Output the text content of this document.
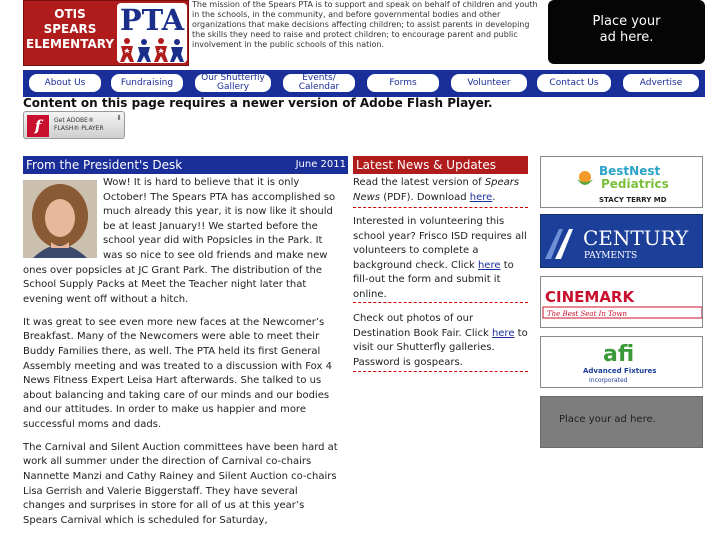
OTIS
SPEARS
ELEMENTARY
PTA The mission of the Spears PTA is to support and speak on behalf of children and youth in the schools, in the community, and before governmental bodies and other organizations that make decisions affecting children; to assist parents in developing the skills they need to raise and protect children; to encourage parent and public involvement in the public schools of this nation.
Place your
ad here.
About Us	Fundraising	Our Shutterfly Gallery
Events/ Calendar	Forms	Volunteer	Contact Us	Advertise
Content on this page requires a newer version of Adobe Flash Player.
f	Get ADOBE®
FLASH® PLAYER
⬇
From the President's Desk	June 2011

Wow! It is hard to believe that it is only October! The Spears PTA has accomplished so much already this year, it is now like it should be at least January!! We started before the school year did with Popsicles in the Park. It was so nice to see old friends and make new ones over popsicles at JC Grant Park. The distribution of the School Supply Packs at Meet the Teacher night later that evening went off without a hitch.

It was great to see even more new faces at the Newcomer’s Breakfast. Many of the Newcomers were able to meet their Buddy Families there, as well. The PTA held its first General Assembly meeting and was treated to a discussion with Fox 4 News Fitness Expert Leisa Hart afterwards. She talked to us about balancing and taking care of our minds and our bodies and our attitudes. In order to make us happier and more successful moms and dads.

The Carnival and Silent Auction committees have been hard at work all summer under the direction of Carnival co-chairs Nannette Manzi and Cathy Rainey and Silent Auction co-chairs Lisa Gerrish and Valerie Biggerstaff. They have several changes and surprises in store for all of us at this year’s Spears Carnival which is scheduled for Saturday,

Latest News & Updates
Read the latest version of Spears News (PDF). Download here.
Interested in volunteering this school year? Frisco ISD requires all volunteers to complete a background check. Click here to fill-out the form and submit it online.
Check out photos of our Destination Book Fair. Click here to visit our Shutterfly galleries. Password is gospears.
BestNest
Pediatrics
STACY TERRY MD
CENTURY
PAYMENTS
CINEMARK
The Best Seat In Town
afi
Advanced Fixtures
Incorporated
Place your ad here.
